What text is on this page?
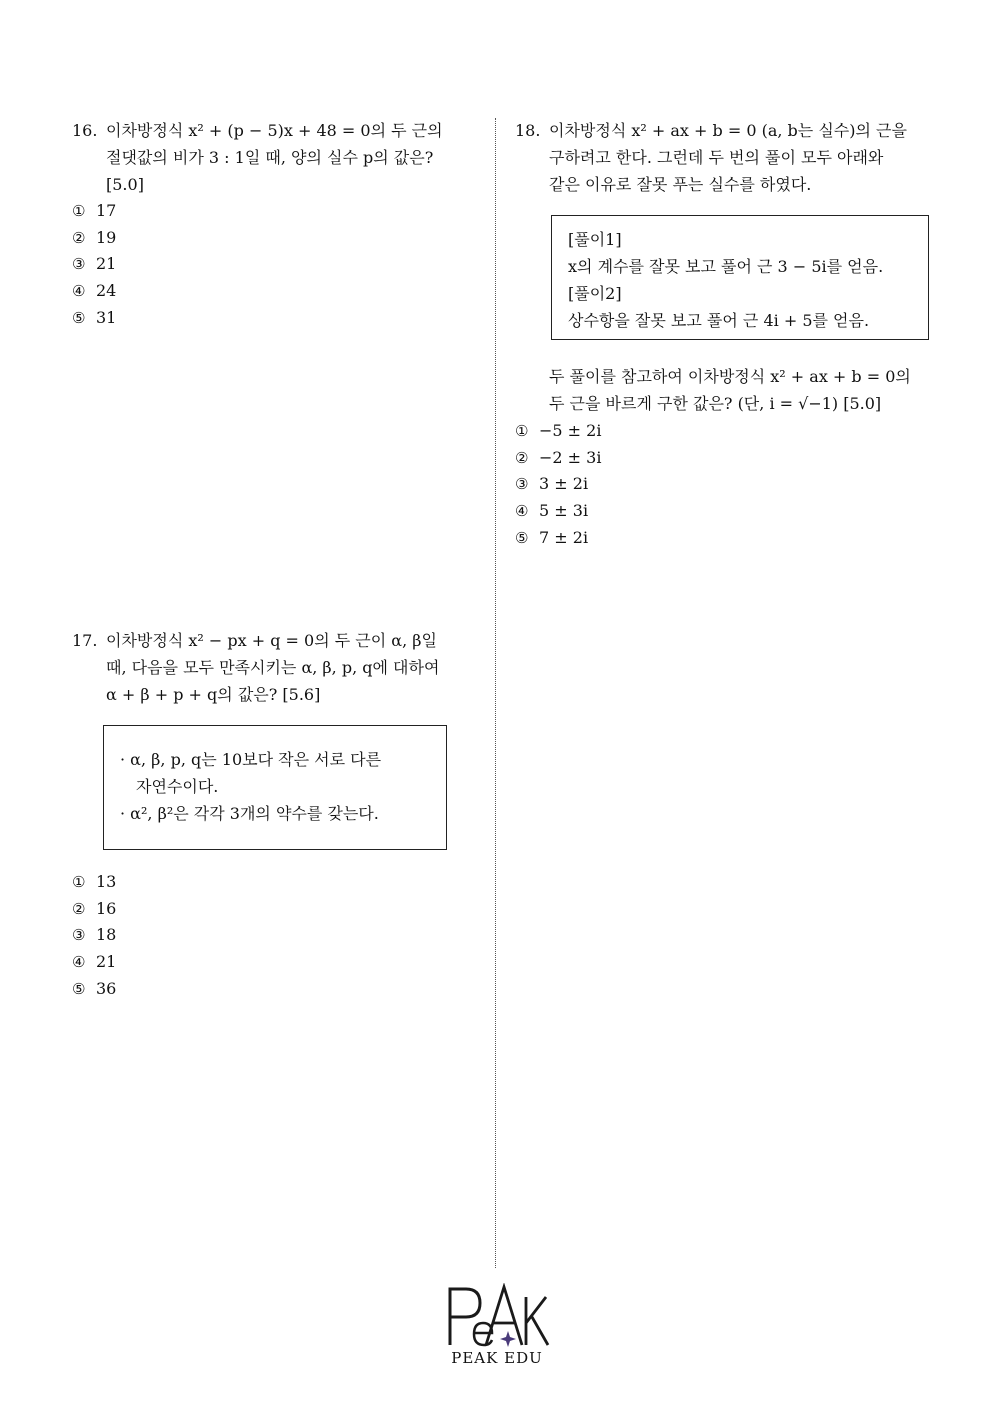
16. 이차방정식 x² + (p − 5)x + 48 = 0의 두 근의
절댓값의 비가 3 : 1일 때, 양의 실수 p의 값은?
[5.0]
① 17
② 19
③ 21
④ 24
⑤ 31
17. 이차방정식 x² − px + q = 0의 두 근이 α, β일
때, 다음을 모두 만족시키는 α, β, p, q에 대하여
α + β + p + q의 값은? [5.6]
· α, β, p, q는 10보다 작은 서로 다른
자연수이다.
· α², β²은 각각 3개의 약수를 갖는다.
① 13
② 16
③ 18
④ 21
⑤ 36
18. 이차방정식 x² + ax + b = 0 (a, b는 실수)의 근을
구하려고 한다. 그런데 두 번의 풀이 모두 아래와
같은 이유로 잘못 푸는 실수를 하였다.
[풀이1]
x의 계수를 잘못 보고 풀어 근 3 − 5i를 얻음.
[풀이2]
상수항을 잘못 보고 풀어 근 4i + 5를 얻음.
두 풀이를 참고하여 이차방정식 x² + ax + b = 0의
두 근을 바르게 구한 값은? (단, i = √−1) [5.0]
① −5 ± 2i
② −2 ± 3i
③ 3 ± 2i
④ 5 ± 3i
⑤ 7 ± 2i
PEAK EDU
